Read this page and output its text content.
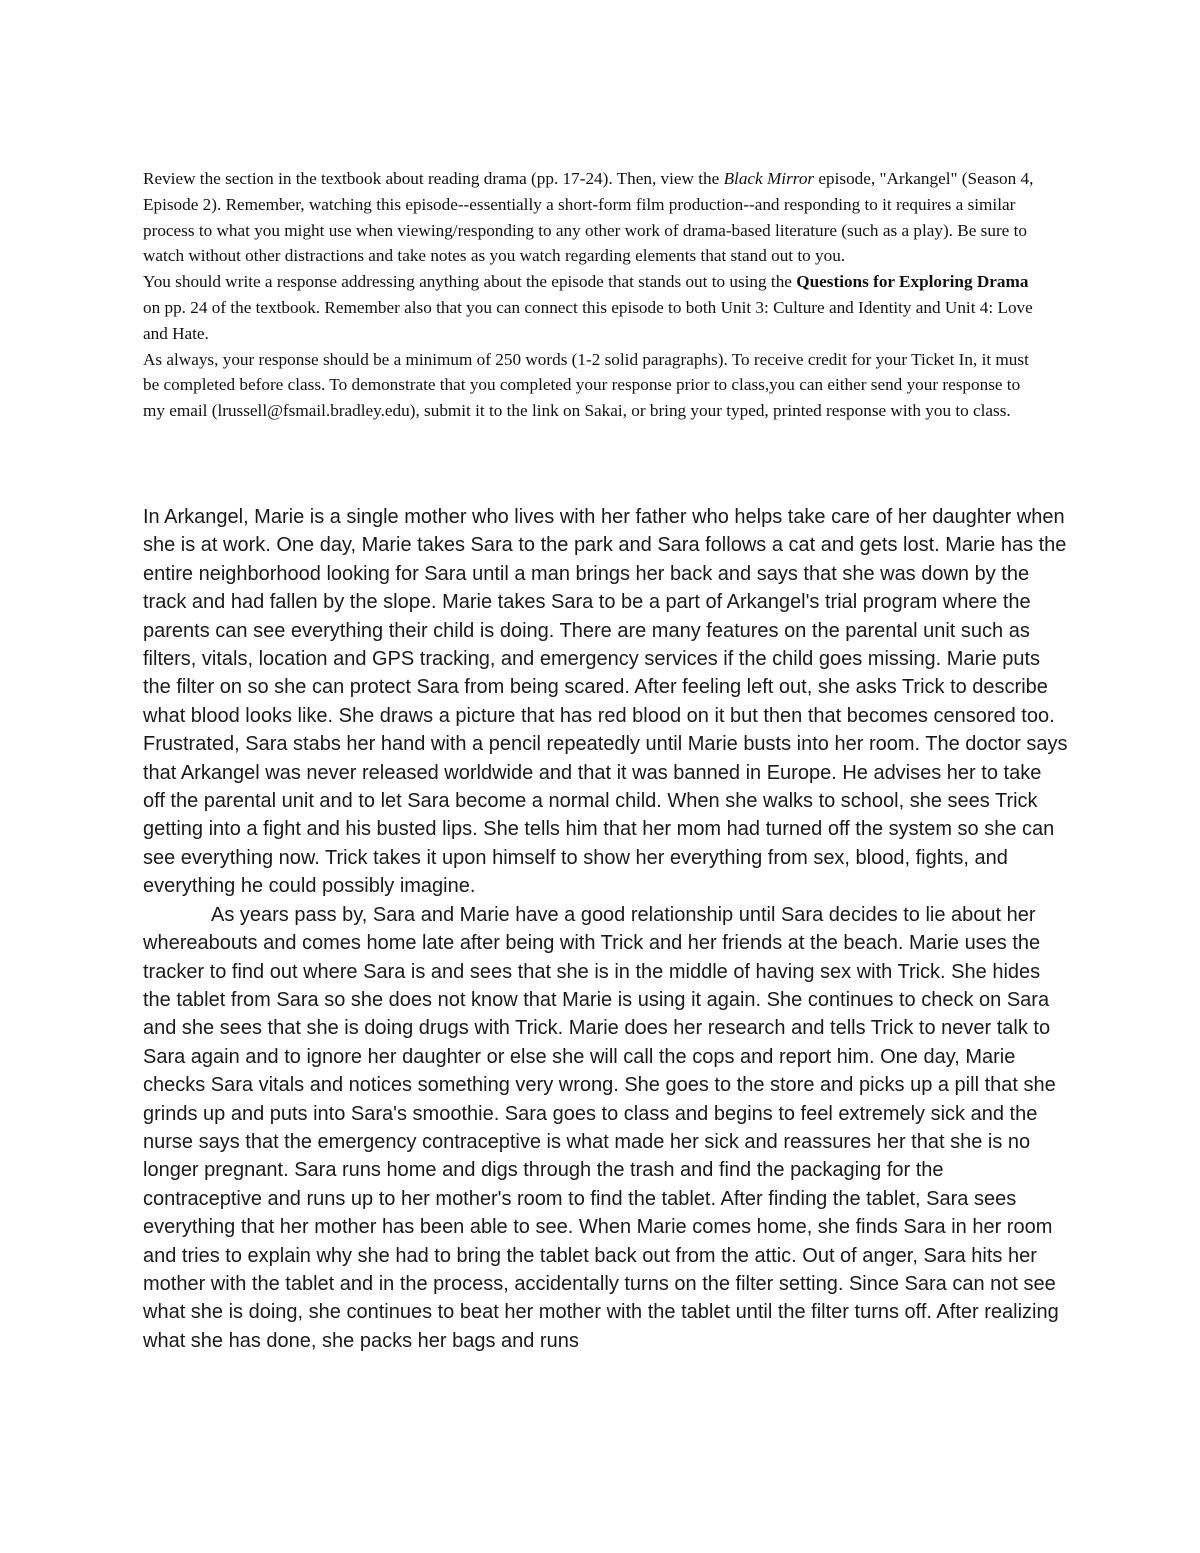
Review the section in the textbook about reading drama (pp. 17-24). Then, view the Black Mirror episode, "Arkangel" (Season 4, Episode 2). Remember, watching this episode--essentially a short-form film production--and responding to it requires a similar process to what you might use when viewing/responding to any other work of drama-based literature (such as a play). Be sure to watch without other distractions and take notes as you watch regarding elements that stand out to you.

You should write a response addressing anything about the episode that stands out to using the Questions for Exploring Drama on pp. 24 of the textbook. Remember also that you can connect this episode to both Unit 3: Culture and Identity and Unit 4: Love and Hate.

As always, your response should be a minimum of 250 words (1-2 solid paragraphs). To receive credit for your Ticket In, it must be completed before class. To demonstrate that you completed your response prior to class,you can either send your response to my email (lrussell@fsmail.bradley.edu), submit it to the link on Sakai, or bring your typed, printed response with you to class.

In Arkangel, Marie is a single mother who lives with her father who helps take care of her daughter when she is at work. One day, Marie takes Sara to the park and Sara follows a cat and gets lost. Marie has the entire neighborhood looking for Sara until a man brings her back and says that she was down by the track and had fallen by the slope. Marie takes Sara to be a part of Arkangel's trial program where the parents can see everything their child is doing. There are many features on the parental unit such as filters, vitals, location and GPS tracking, and emergency services if the child goes missing. Marie puts the filter on so she can protect Sara from being scared. After feeling left out, she asks Trick to describe what blood looks like. She draws a picture that has red blood on it but then that becomes censored too. Frustrated, Sara stabs her hand with a pencil repeatedly until Marie busts into her room. The doctor says that Arkangel was never released worldwide and that it was banned in Europe. He advises her to take off the parental unit and to let Sara become a normal child. When she walks to school, she sees Trick getting into a fight and his busted lips. She tells him that her mom had turned off the system so she can see everything now. Trick takes it upon himself to show her everything from sex, blood, fights, and everything he could possibly imagine.

As years pass by, Sara and Marie have a good relationship until Sara decides to lie about her whereabouts and comes home late after being with Trick and her friends at the beach. Marie uses the tracker to find out where Sara is and sees that she is in the middle of having sex with Trick. She hides the tablet from Sara so she does not know that Marie is using it again. She continues to check on Sara and she sees that she is doing drugs with Trick. Marie does her research and tells Trick to never talk to Sara again and to ignore her daughter or else she will call the cops and report him. One day, Marie checks Sara vitals and notices something very wrong. She goes to the store and picks up a pill that she grinds up and puts into Sara's smoothie. Sara goes to class and begins to feel extremely sick and the nurse says that the emergency contraceptive is what made her sick and reassures her that she is no longer pregnant. Sara runs home and digs through the trash and find the packaging for the contraceptive and runs up to her mother's room to find the tablet. After finding the tablet, Sara sees everything that her mother has been able to see. When Marie comes home, she finds Sara in her room and tries to explain why she had to bring the tablet back out from the attic. Out of anger, Sara hits her mother with the tablet and in the process, accidentally turns on the filter setting. Since Sara can not see what she is doing, she continues to beat her mother with the tablet until the filter turns off. After realizing what she has done, she packs her bags and runs
